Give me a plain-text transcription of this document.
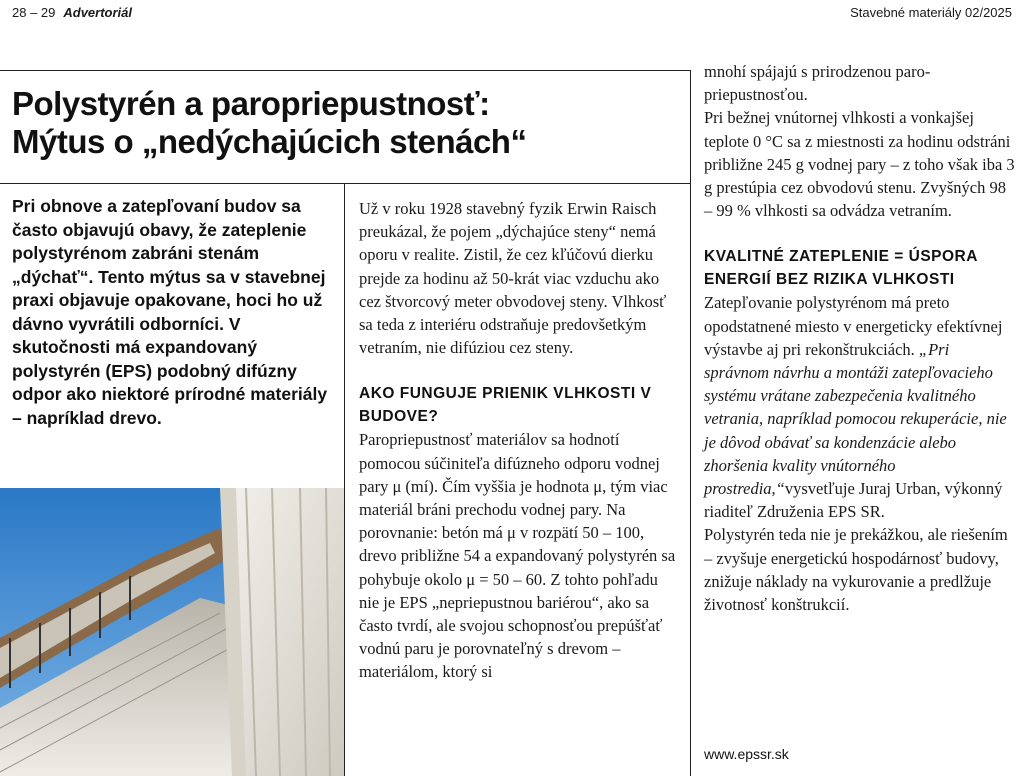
28 – 29 Advertoriál	Stavebné materiály 02/2025
Polystyrén a paropriepustnosť:
Mýtus o „nedýchajúcich stenách“

Pri obnove a zatepľovaní budov sa často objavujú obavy, že zateplenie polystyrénom zabráni stenám „dýchať“. Tento mýtus sa v stavebnej praxi objavuje opakovane, hoci ho už dávno vyvrátili odborníci. V skutočnosti má expandovaný polystyrén (EPS) podobný difúzny odpor ako niektoré prírodné materiály – napríklad drevo.

Už v roku 1928 stavebný fyzik Erwin Raisch preukázal, že pojem „dýchajúce steny“ nemá oporu v realite. Zistil, že cez kľúčovú dierku prejde za hodinu až 50-krát viac vzduchu ako cez štvorcový meter obvodovej steny. Vlhkosť sa teda z interiéru odstraňuje predovšetkým vetraním, nie difúziou cez steny.

AKO FUNGUJE PRIENIK VLHKOSTI V BUDOVE?

Paropriepustnosť materiálov sa hodnotí pomocou súčiniteľa difúzneho odporu vodnej pary μ (mí). Čím vyššia je hodnota μ, tým viac materiál bráni prechodu vodnej pary. Na porovnanie: betón má μ v rozpätí 50 – 100, drevo približne 54 a expandovaný polystyrén sa pohybuje okolo μ = 50 – 60. Z tohto pohľadu nie je EPS „nepriepustnou bariérou“, ako sa často tvrdí, ale svojou schopnosťou prepúšťať vodnú paru je porovnateľný s drevom – materiálom, ktorý si

mnohí spájajú s prirodzenou paropriepustnosťou.

Pri bežnej vnútornej vlhkosti a vonkajšej teplote 0 °C sa z miestnosti za hodinu odstráni približne 245 g vodnej pary – z toho však iba 3 g prestúpia cez obvodovú stenu. Zvyšných 98 – 99 % vlhkosti sa odvádza vetraním.

KVALITNÉ ZATEPLENIE = ÚSPORA ENERGIÍ BEZ RIZIKA VLHKOSTI

Zatepľovanie polystyrénom má preto opodstatnené miesto v energeticky efektívnej výstavbe aj pri rekonštrukciách. „Pri správnom návrhu a montáži zatepľovacieho systému vrátane zabezpečenia kvalitného vetrania, napríklad pomocou rekuperácie, nie je dôvod obávať sa kondenzácie alebo zhoršenia kvality vnútorného prostredia,“vysvetľuje Juraj Urban, výkonný riaditeľ Združenia EPS SR.

Polystyrén teda nie je prekážkou, ale riešením – zvyšuje energetickú hospodárnosť budovy, znižuje náklady na vykurovanie a predlžuje životnosť konštrukcií.

www.epssr.sk
